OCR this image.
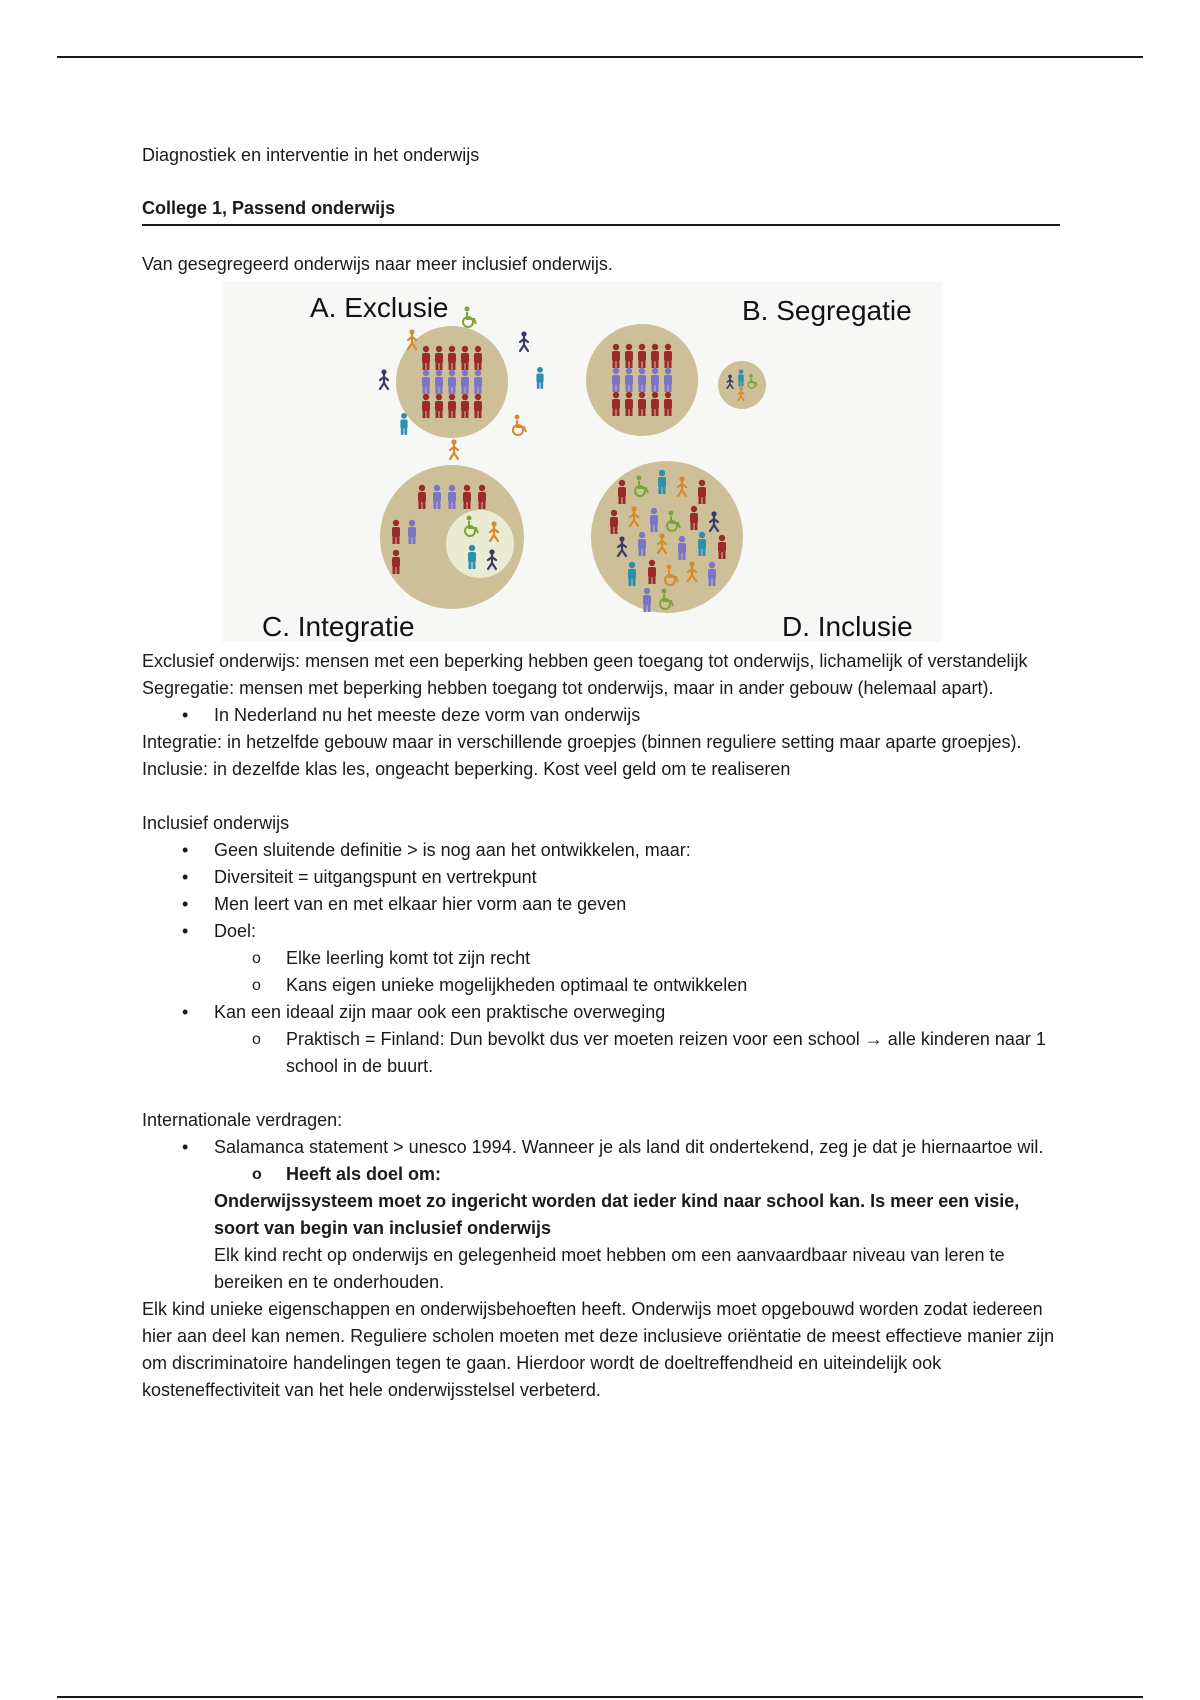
Diagnostiek en interventie in het onderwijs

College 1, Passend onderwijs

Van gesegregeerd onderwijs naar meer inclusief onderwijs.

A. Exclusie	B. Segregatie
C. Integratie	D. Inclusie

Exclusief onderwijs: mensen met een beperking hebben geen toegang tot onderwijs, lichamelijk of verstandelijk

Segregatie: mensen met beperking hebben toegang tot onderwijs, maar in ander gebouw (helemaal apart).

• In Nederland nu het meeste deze vorm van onderwijs

Integratie: in hetzelfde gebouw maar in verschillende groepjes (binnen reguliere setting maar aparte groepjes).

Inclusie: in dezelfde klas les, ongeacht beperking. Kost veel geld om te realiseren

Inclusief onderwijs

• Geen sluitende definitie > is nog aan het ontwikkelen, maar:
• Diversiteit = uitgangspunt en vertrekpunt
• Men leert van en met elkaar hier vorm aan te geven
• Doel:
o Elke leerling komt tot zijn recht
o Kans eigen unieke mogelijkheden optimaal te ontwikkelen
• Kan een ideaal zijn maar ook een praktische overweging
o Praktisch = Finland: Dun bevolkt dus ver moeten reizen voor een school → alle kinderen naar 1 school in de buurt.

Internationale verdragen:

• Salamanca statement > unesco 1994. Wanneer je als land dit ondertekend, zeg je dat je hiernaartoe wil.
o Heeft als doel om:

Onderwijssysteem moet zo ingericht worden dat ieder kind naar school kan. Is meer een visie, soort van begin van inclusief onderwijs

Elk kind recht op onderwijs en gelegenheid moet hebben om een aanvaardbaar niveau van leren te bereiken en te onderhouden.

Elk kind unieke eigenschappen en onderwijsbehoeften heeft. Onderwijs moet opgebouwd worden zodat iedereen hier aan deel kan nemen. Reguliere scholen moeten met deze inclusieve oriëntatie de meest effectieve manier zijn om discriminatoire handelingen tegen te gaan. Hierdoor wordt de doeltreffendheid en uiteindelijk ook kosteneffectiviteit van het hele onderwijsstelsel verbeterd.
